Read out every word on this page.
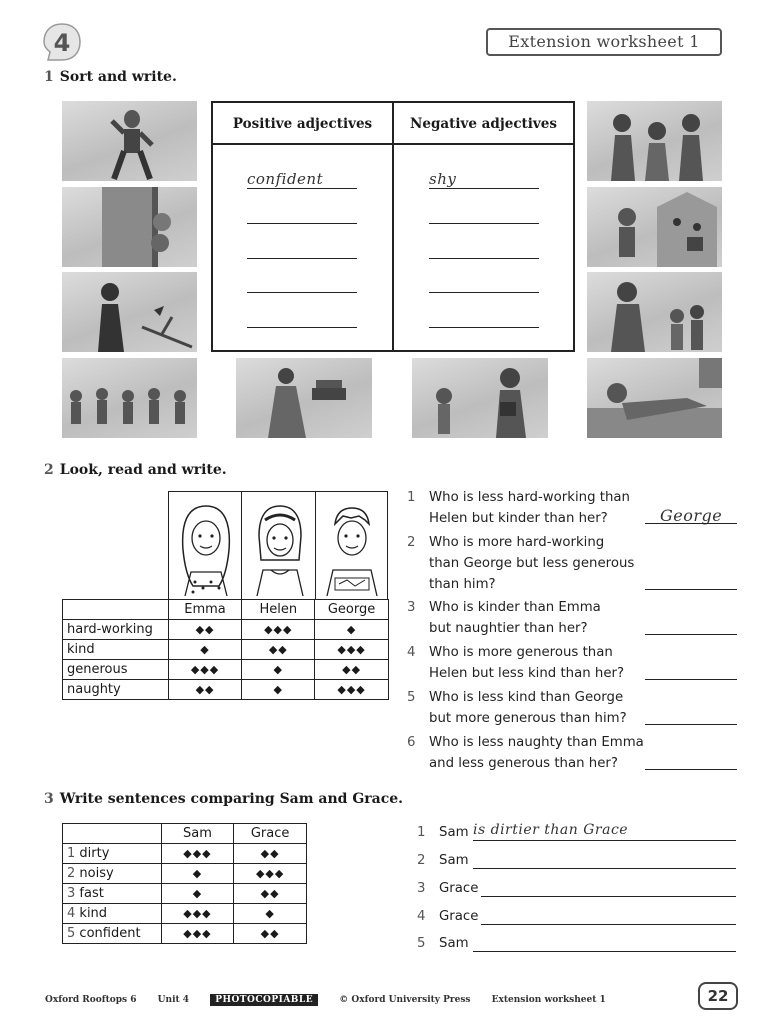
4	Extension worksheet 1
1 Sort and write.
Positive adjectives	Negative adjectives
confident	shy
2 Look, read and write.
	Emma	Helen	George
hard-working	◆◆	◆◆◆	◆
kind	◆	◆◆	◆◆◆
generous	◆◆◆	◆	◆◆
naughty	◆◆	◆	◆◆◆
1 Who is less hard-working than
Helen but kinder than her?	George
2 Who is more hard-working
than George but less generous
than him?
3 Who is kinder than Emma
but naughtier than her?
4 Who is more generous than
Helen but less kind than her?
5 Who is less kind than George
but more generous than him?
6 Who is less naughty than Emma
and less generous than her?
3 Write sentences comparing Sam and Grace.
	Sam	Grace
1 dirty	◆◆◆	◆◆
2 noisy	◆	◆◆◆
3 fast	◆	◆◆
4 kind	◆◆◆	◆
5 confident	◆◆◆	◆◆
1 Sam is dirtier than Grace
2 Sam
3 Grace
4 Grace
5 Sam
Oxford Rooftops 6 Unit 4	PHOTOCOPIABLE	© Oxford University Press Extension worksheet 1	22
